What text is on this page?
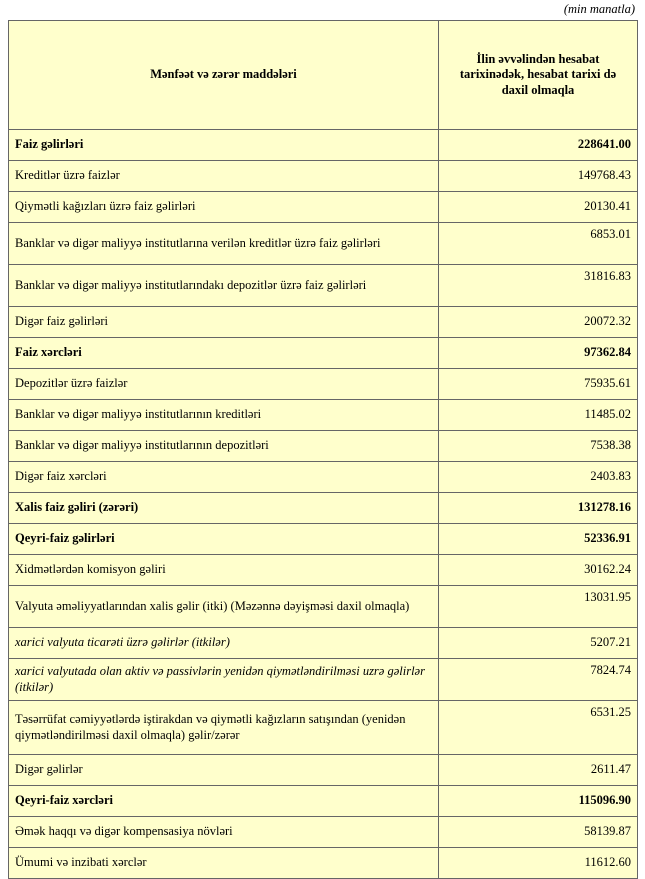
(min manatla)
Mənfəət və zərər maddələri	İlin əvvəlindən hesabat tarixinədək, hesabat tarixi də daxil olmaqla
Faiz gəlirləri	228641.00
Kreditlər üzrə faizlər	149768.43
Qiymətli kağızları üzrə faiz gəlirləri	20130.41
Banklar və digər maliyyə institutlarına verilən kreditlər üzrə faiz gəlirləri	6853.01
Banklar və digər maliyyə institutlarındakı depozitlər üzrə faiz gəlirləri	31816.83
Digər faiz gəlirləri	20072.32
Faiz xərcləri	97362.84
Depozitlər üzrə faizlər	75935.61
Banklar və digər maliyyə institutlarının kreditləri	11485.02
Banklar və digər maliyyə institutlarının depozitləri	7538.38
Digər faiz xərcləri	2403.83
Xalis faiz gəliri (zərəri)	131278.16
Qeyri-faiz gəlirləri	52336.91
Xidmətlərdən komisyon gəliri	30162.24
Valyuta əməliyyatlarından xalis gəlir (itki) (Məzənnə dəyişməsi daxil olmaqla)	13031.95
xarici valyuta ticarəti üzrə gəlirlər (itkilər)	5207.21
xarici valyutada olan aktiv və passivlərin yenidən qiymətləndirilməsi uzrə gəlirlər (itkilər)	7824.74
Təsərrüfat cəmiyyətlərdə iştirakdan və qiymətli kağızların satışından (yenidən qiymətləndirilməsi daxil olmaqla) gəlir/zərər	6531.25
Digər gəlirlər	2611.47
Qeyri-faiz xərcləri	115096.90
Əmək haqqı və digər kompensasiya növləri	58139.87
Ümumi və inzibati xərclər	11612.60
